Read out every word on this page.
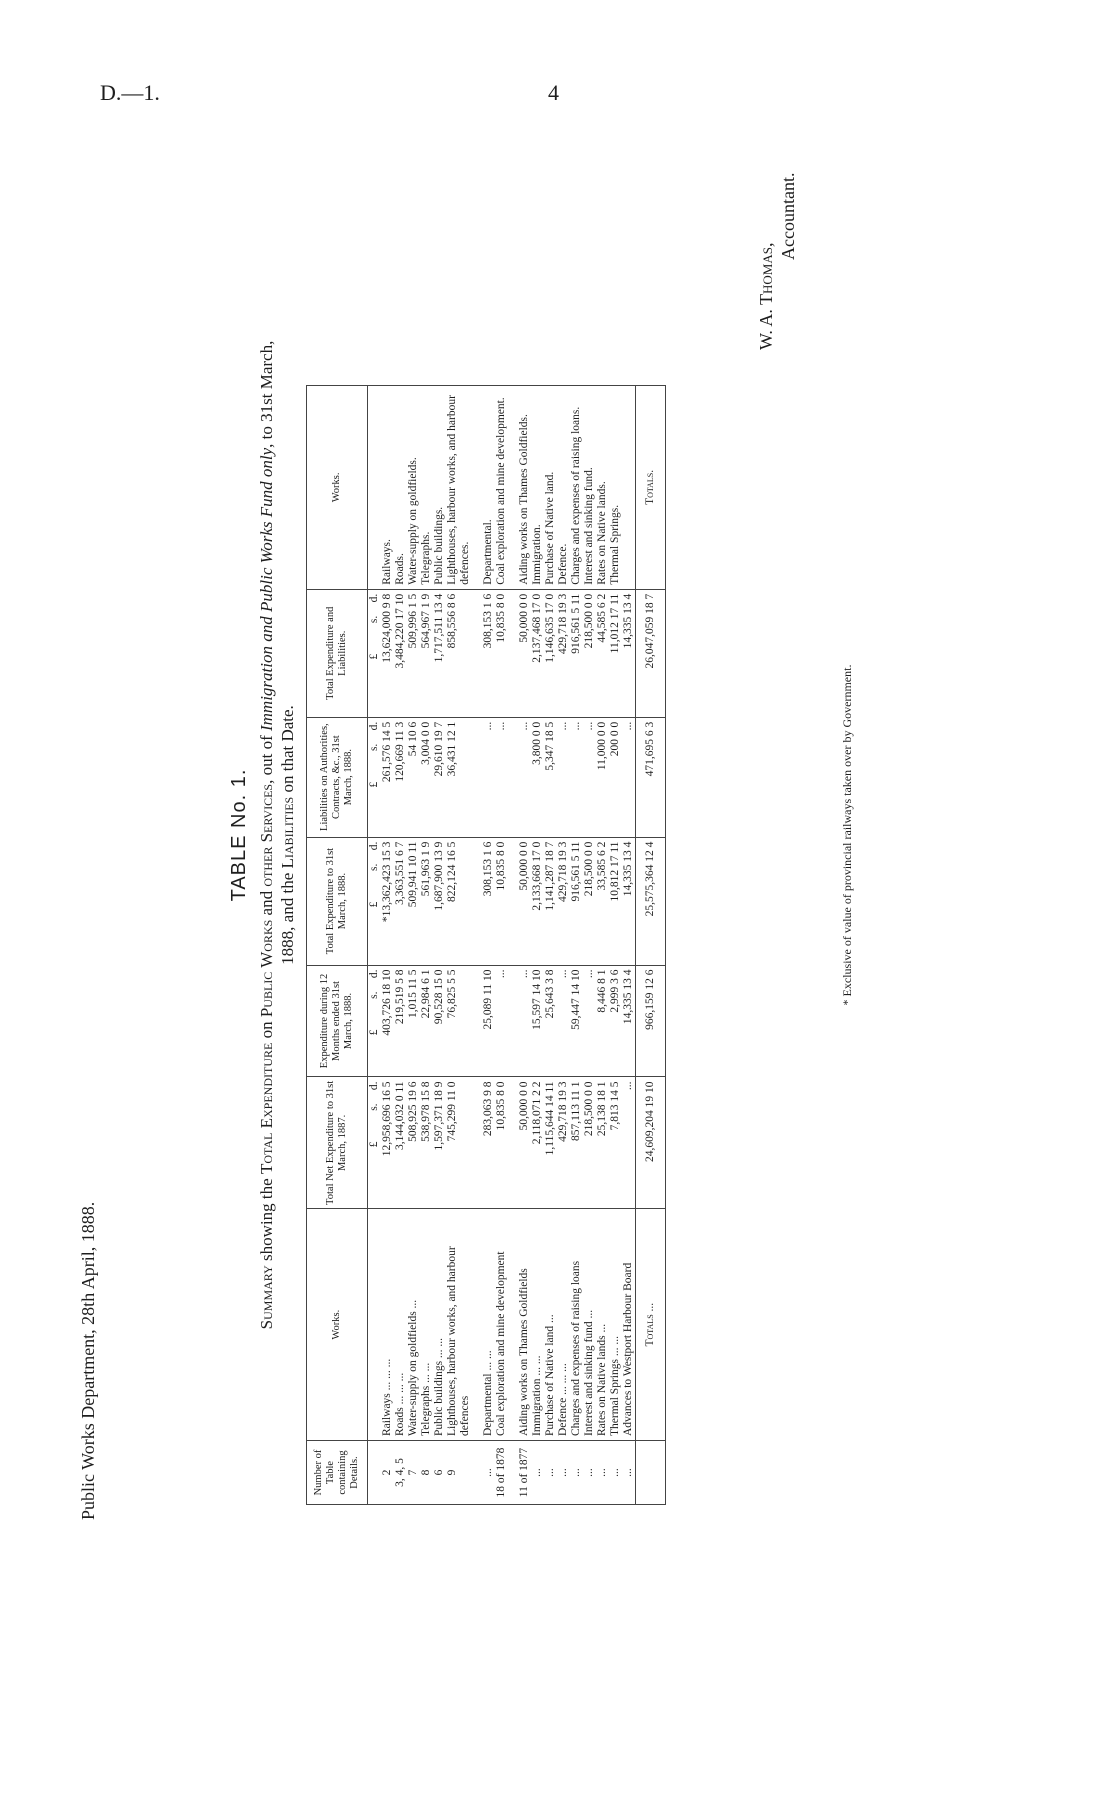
D.—1.	4
TABLE No. 1.
Summary showing the Total Expenditure on Public Works and other Services, out of Immigration and Public Works Fund only, to 31st March,
1888, and the Liabilities on that Date.
Number of Table containing Details.	Works.	Total Net Expenditure to 31st March, 1887.	Expenditure during 12 Months ended 31st March, 1888.	Total Expenditure to 31st March, 1888.	Liabilities on Authorities, Contracts, &c., 31st March, 1888.	Total Expenditure and Liabilities.	Works.
		£s.d.	£s.d.	£s.d.	£s.d.	£s.d.	
2	Railways ... ... ...	12,958,696 16 5	403,726 18 10	*13,362,423 15 3	261,576 14 5	13,624,000 9 8	Railways.
3, 4, 5	Roads ... ... ...	3,144,032 0 11	219,519 5 8	3,363,551 6 7	120,669 11 3	3,484,220 17 10	Roads.
7	Water-supply on goldfields ...	508,925 19 6	1,015 11 5	509,941 10 11	54 10 6	509,996 1 5	Water-supply on goldfields.
8	Telegraphs ... ...	538,978 15 8	22,984 6 1	561,963 1 9	3,004 0 0	564,967 1 9	Telegraphs.
6	Public buildings ... ...	1,597,371 18 9	90,528 15 0	1,687,900 13 9	29,610 19 7	1,717,511 13 4	Public buildings.
9	Lighthouses, harbour works, and harbour defences	745,299 11 0	76,825 5 5	822,124 16 5	36,431 12 1	858,556 8 6	Lighthouses, harbour works, and harbour defences.

...	Departmental ... ...	283,063 9 8	25,089 11 10	308,153 1 6	...	308,153 1 6	Departmental.
18 of 1878	Coal exploration and mine development	10,835 8 0	...	10,835 8 0	...	10,835 8 0	Coal exploration and mine development.

11 of 1877	Aiding works on Thames Goldfields	50,000 0 0	...	50,000 0 0	...	50,000 0 0	Aiding works on Thames Goldfields.
...	Immigration ... ...	2,118,071 2 2	15,597 14 10	2,133,668 17 0	3,800 0 0	2,137,468 17 0	Immigration.
...	Purchase of Native land ...	1,115,644 14 11	25,643 3 8	1,141,287 18 7	5,347 18 5	1,146,635 17 0	Purchase of Native land.
...	Defence ... ... ...	429,718 19 3	...	429,718 19 3	...	429,718 19 3	Defence.
...	Charges and expenses of raising loans	857,113 11 1	59,447 14 10	916,561 5 11	...	916,561 5 11	Charges and expenses of raising loans.
...	Interest and sinking fund ...	218,500 0 0	...	218,500 0 0	...	218,500 0 0	Interest and sinking fund.
...	Rates on Native lands ...	25,138 18 1	8,446 8 1	33,585 6 2	11,000 0 0	44,585 6 2	Rates on Native lands.
...	Thermal Springs ... ...	7,813 14 5	2,999 3 6	10,812 17 11	200 0 0	11,012 17 11	Thermal Springs.
...	Advances to Westport Harbour Board	...	14,335 13 4	14,335 13 4	...	14,335 13 4	
	Totals ...	24,609,204 19 10	966,159 12 6	25,575,364 12 4	471,695 6 3	26,047,059 18 7	Totals.
* Exclusive of value of provincial railways taken over by Government.
Public Works Department, 28th April, 1888.
W. A. Thomas,
Accountant.
